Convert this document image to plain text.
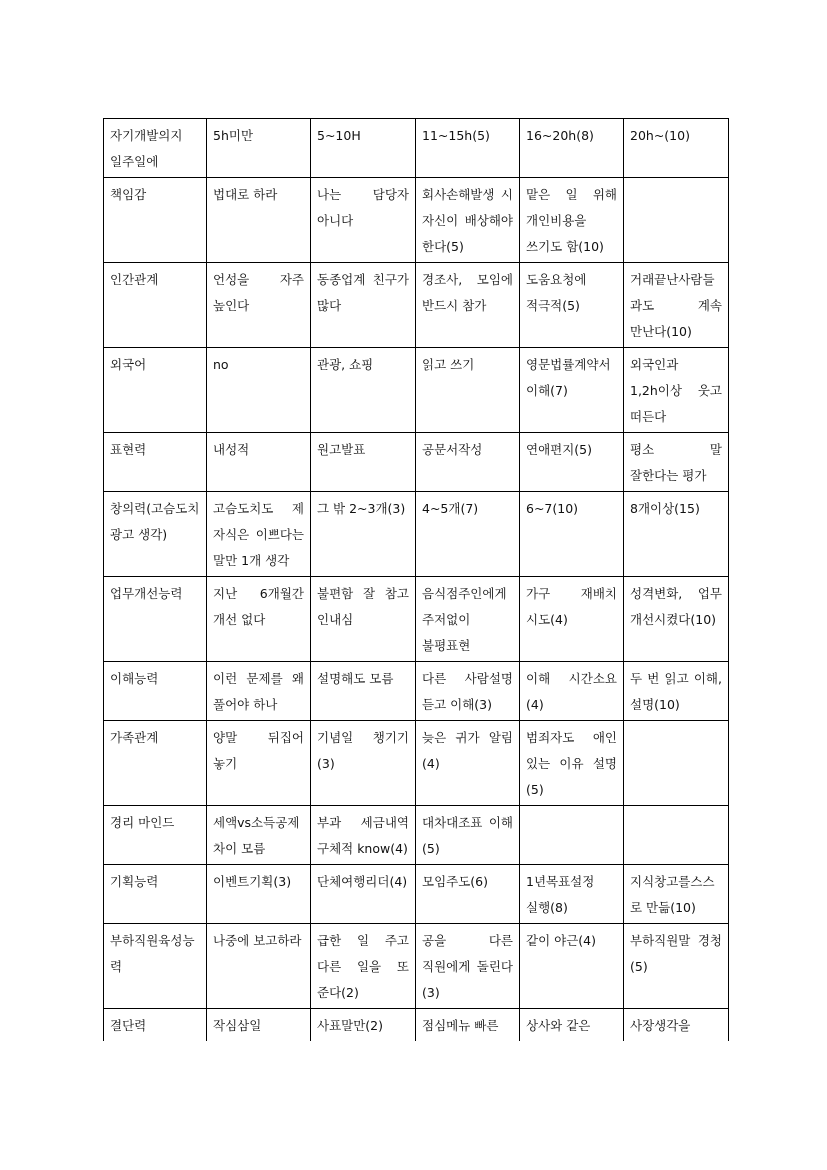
자기개발의지 일주일에	5h미만	5~10H	11~15h(5)	16~20h(8)	20h~(10)
책임감	법대로 하라	나는 담당자 아니다	회사손해발생 시 자신이 배상해야 한다(5)	맡은 일 위해 개인비용을 쓰기도 함(10)	
인간관계	언성을 자주 높인다	동종업계 친구가 많다	경조사, 모임에 반드시 참가	도움요청에 적극적(5)	거래끝난사람들과도 계속 만난다(10)
외국어	no	관광, 쇼핑	읽고 쓰기	영문법률계약서 이해(7)	외국인과 1,2h이상 웃고 떠든다
표현력	내성적	원고발표	공문서작성	연애편지(5)	평소 말 잘한다는 평가
창의력(고슴도치 광고 생각)	고슴도치도 제 자식은 이쁘다는 말만 1개 생각	그 밖 2~3개(3)	4~5개(7)	6~7(10)	8개이상(15)
업무개선능력	지난 6개월간 개선 없다	불편함 잘 참고 인내심	음식점주인에게 주저없이 불평표현	가구 재배치 시도(4)	성격변화, 업무 개선시켰다(10)
이해능력	이런 문제를 왜 풀어야 하나	설명해도 모름	다른 사람설명 듣고 이해(3)	이해 시간소요(4)	두 번 읽고 이해, 설명(10)
가족관계	양말 뒤집어 놓기	기념일 챙기기(3)	늦은 귀가 알림(4)	범죄자도 애인 있는 이유 설명(5)	
경리 마인드	세액vs소득공제 차이 모름	부과 세금내역 구체적 know(4)	대차대조표 이해(5)		
기획능력	이벤트기획(3)	단체여행리더(4)	모임주도(6)	1년목표설정 실행(8)	지식창고를스스로 만듦(10)
부하직원육성능력	나중에 보고하라	급한 일 주고 다른 일을 또 준다(2)	공을 다른 직원에게 돌린다(3)	같이 야근(4)	부하직원말 경청(5)
결단력	작심삼일	사표말만(2)	점심메뉴 빠른	상사와 같은	사장생각을
